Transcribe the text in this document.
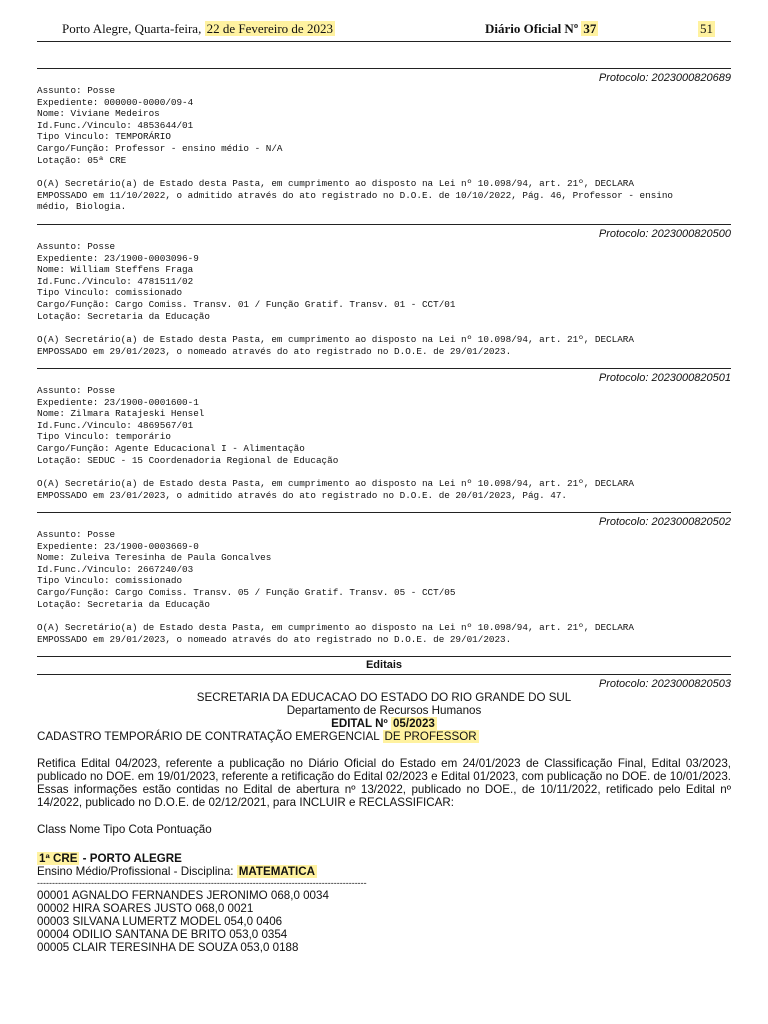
Porto Alegre, Quarta-feira, 22 de Fevereiro de 2023	Diário Oficial Nº 37	51
Protocolo: 2023000820689
Assunto: Posse
Expediente: 000000-0000/09-4
Nome: Viviane Medeiros
Id.Func./Vinculo: 4853644/01
Tipo Vinculo: TEMPORÁRIO
Cargo/Função: Professor - ensino médio - N/A
Lotação: 05ª CRE
O(A) Secretário(a) de Estado desta Pasta, em cumprimento ao disposto na Lei nº 10.098/94, art. 21º, DECLARA
EMPOSSADO em 11/10/2022, o admitido através do ato registrado no D.O.E. de 10/10/2022, Pág. 46, Professor - ensino
médio, Biologia.
Protocolo: 2023000820500
Assunto: Posse
Expediente: 23/1900-0003096-9
Nome: William Steffens Fraga
Id.Func./Vinculo: 4781511/02
Tipo Vinculo: comissionado
Cargo/Função: Cargo Comiss. Transv. 01 / Função Gratif. Transv. 01 - CCT/01
Lotação: Secretaria da Educação
O(A) Secretário(a) de Estado desta Pasta, em cumprimento ao disposto na Lei nº 10.098/94, art. 21º, DECLARA
EMPOSSADO em 29/01/2023, o nomeado através do ato registrado no D.O.E. de 29/01/2023.
Protocolo: 2023000820501
Assunto: Posse
Expediente: 23/1900-0001600-1
Nome: Zilmara Ratajeski Hensel
Id.Func./Vinculo: 4869567/01
Tipo Vinculo: temporário
Cargo/Função: Agente Educacional I - Alimentação
Lotação: SEDUC - 15 Coordenadoria Regional de Educação
O(A) Secretário(a) de Estado desta Pasta, em cumprimento ao disposto na Lei nº 10.098/94, art. 21º, DECLARA
EMPOSSADO em 23/01/2023, o admitido através do ato registrado no D.O.E. de 20/01/2023, Pág. 47.
Protocolo: 2023000820502
Assunto: Posse
Expediente: 23/1900-0003669-0
Nome: Zuleiva Teresinha de Paula Goncalves
Id.Func./Vinculo: 2667240/03
Tipo Vinculo: comissionado
Cargo/Função: Cargo Comiss. Transv. 05 / Função Gratif. Transv. 05 - CCT/05
Lotação: Secretaria da Educação
O(A) Secretário(a) de Estado desta Pasta, em cumprimento ao disposto na Lei nº 10.098/94, art. 21º, DECLARA
EMPOSSADO em 29/01/2023, o nomeado através do ato registrado no D.O.E. de 29/01/2023.
Editais
Protocolo: 2023000820503
SECRETARIA DA EDUCACAO DO ESTADO DO RIO GRANDE DO SUL
Departamento de Recursos Humanos
EDITAL Nº 05/2023
CADASTRO TEMPORÁRIO DE CONTRATAÇÃO EMERGENCIAL DE PROFESSOR
Retifica Edital 04/2023, referente a publicação no Diário Oficial do Estado em 24/01/2023 de Classificação Final, Edital 03/2023, publicado no DOE. em 19/01/2023, referente a retificação do Edital 02/2023 e Edital 01/2023, com publicação no DOE. de 10/01/2023. Essas informações estão contidas no Edital de abertura nº 13/2022, publicado no DOE., de 10/11/2022, retificado pelo Edital nº 14/2022, publicado no D.O.E. de 02/12/2021, para INCLUIR e RECLASSIFICAR:
Class Nome Tipo Cota Pontuação
1ª CRE - PORTO ALEGRE
Ensino Médio/Profissional - Disciplina: MATEMATICA
--------------------------------------------------------------------------------------------------------------
00001 AGNALDO FERNANDES JERONIMO 068,0 0034
00002 HIRA SOARES JUSTO 068,0 0021
00003 SILVANA LUMERTZ MODEL 054,0 0406
00004 ODILIO SANTANA DE BRITO 053,0 0354
00005 CLAIR TERESINHA DE SOUZA 053,0 0188
